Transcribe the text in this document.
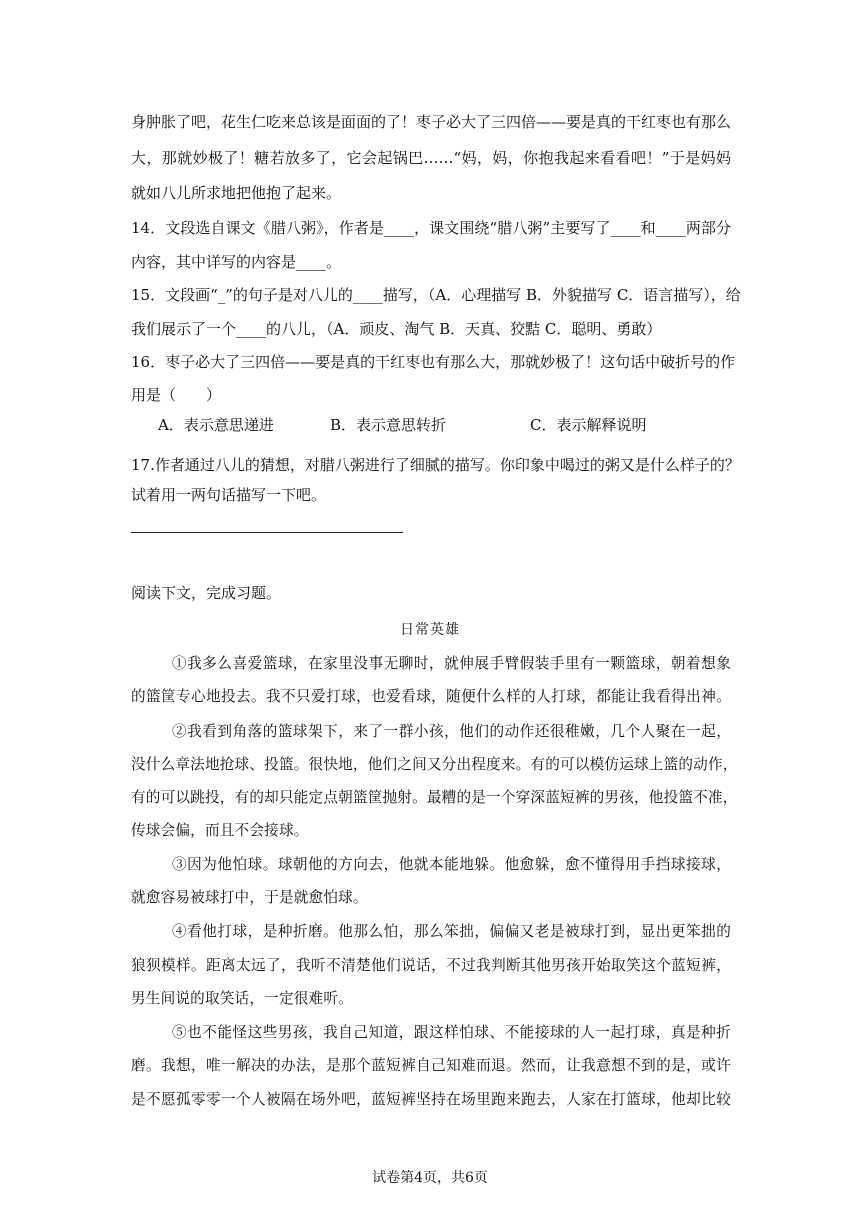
身肿胀了吧，花生仁吃来总该是面面的了！枣子必大了三四倍——要是真的干红枣也有那么
大，那就妙极了！糖若放多了，它会起锅巴……“妈，妈，你抱我起来看看吧！”于是妈妈
就如八儿所求地把他抱了起来。
14．文段选自课文《腊八粥》，作者是____，课文围绕“腊八粥”主要写了____和____两部分
内容，其中详写的内容是____。
15．文段画“_”的句子是对八儿的____描写，（A．心理描写 B．外貌描写 C．语言描写），给
我们展示了一个____的八儿，（A．顽皮、淘气 B．天真、狡黠 C．聪明、勇敢）
16．枣子必大了三四倍——要是真的干红枣也有那么大，那就妙极了！这句话中破折号的作
用是（　　）
A．表示意思递进	B．表示意思转折	C．表示解释说明
17.作者通过八儿的猜想，对腊八粥进行了细腻的描写。你印象中喝过的粥又是什么样子的？
试着用一两句话描写一下吧。
阅读下文，完成习题。
日常英雄
①我多么喜爱篮球，在家里没事无聊时，就伸展手臂假装手里有一颗篮球，朝着想象
的篮筐专心地投去。我不只爱打球，也爱看球，随便什么样的人打球，都能让我看得出神。
②我看到角落的篮球架下，来了一群小孩，他们的动作还很稚嫩，几个人聚在一起，
没什么章法地抢球、投篮。很快地，他们之间又分出程度来。有的可以模仿运球上篮的动作，
有的可以跳投，有的却只能定点朝篮筐抛射。最糟的是一个穿深蓝短裤的男孩，他投篮不准，
传球会偏，而且不会接球。
③因为他怕球。球朝他的方向去，他就本能地躲。他愈躲，愈不懂得用手挡球接球，
就愈容易被球打中，于是就愈怕球。
④看他打球，是种折磨。他那么怕，那么笨拙，偏偏又老是被球打到，显出更笨拙的
狼狈模样。距离太远了，我听不清楚他们说话，不过我判断其他男孩开始取笑这个蓝短裤，
男生间说的取笑话，一定很难听。
⑤也不能怪这些男孩，我自己知道，跟这样怕球、不能接球的人一起打球，真是种折
磨。我想，唯一解决的办法，是那个蓝短裤自己知难而退。然而，让我意想不到的是，或许
是不愿孤零零一个人被隔在场外吧，蓝短裤坚持在场里跑来跑去，人家在打篮球，他却比较
试卷第4页，共6页
